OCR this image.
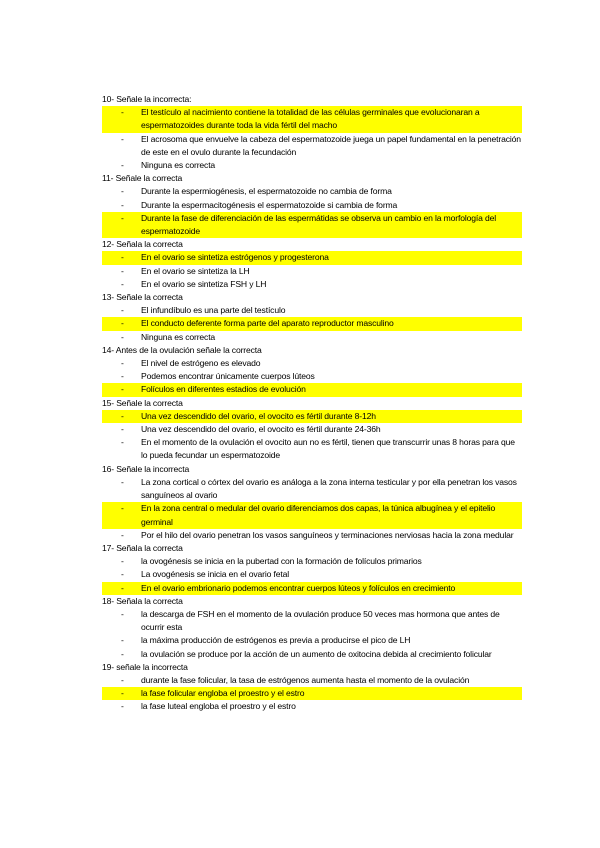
10- Señale la incorrecta:
- El testículo al nacimiento contiene la totalidad de las células germinales que evolucionaran a espermatozoides durante toda la vida fértil del macho
- El acrosoma que envuelve la cabeza del espermatozoide juega un papel fundamental en la penetración de este en el ovulo durante la fecundación
- Ninguna es correcta
11- Señale la correcta
- Durante la espermiogénesis, el espermatozoide no cambia de forma
- Durante la espermacitogénesis el espermatozoide si cambia de forma
- Durante la fase de diferenciación de las espermátidas se observa un cambio en la morfología del espermatozoide
12- Señala la correcta
- En el ovario se sintetiza estrógenos y progesterona
- En el ovario se sintetiza la LH
- En el ovario se sintetiza FSH y LH
13- Señale la correcta
- El infundíbulo es una parte del testículo
- El conducto deferente forma parte del aparato reproductor masculino
- Ninguna es correcta
14- Antes de la ovulación señale la correcta
- El nivel de estrógeno es elevado
- Podemos encontrar únicamente cuerpos lúteos
- Folículos en diferentes estadios de evolución
15- Señale la correcta
- Una vez descendido del ovario, el ovocito es fértil durante 8-12h
- Una vez descendido del ovario, el ovocito es fértil durante 24-36h
- En el momento de la ovulación el ovocito aun no es fértil, tienen que transcurrir unas 8 horas para que lo pueda fecundar un espermatozoide
16- Señale la incorrecta
- La zona cortical o córtex del ovario es análoga a la zona interna testicular y por ella penetran los vasos sanguíneos al ovario
- En la zona central o medular del ovario diferenciamos dos capas, la túnica albugínea y el epitelio germinal
- Por el hilo del ovario penetran los vasos sanguíneos y terminaciones nerviosas hacia la zona medular
17- Señala la correcta
- la ovogénesis se inicia en la pubertad con la formación de folículos primarios
- La ovogénesis se inicia en el ovario fetal
- En el ovario embrionario podemos encontrar cuerpos lúteos y folículos en crecimiento
18- Señala la correcta
- la descarga de FSH en el momento de la ovulación produce 50 veces mas hormona que antes de ocurrir esta
- la máxima producción de estrógenos es previa a producirse el pico de LH
- la ovulación se produce por la acción de un aumento de oxitocina debida al crecimiento folicular
19- señale la incorrecta
- durante la fase folicular, la tasa de estrógenos aumenta hasta el momento de la ovulación
- la fase folicular engloba el proestro y el estro
- la fase luteal engloba el proestro y el estro
